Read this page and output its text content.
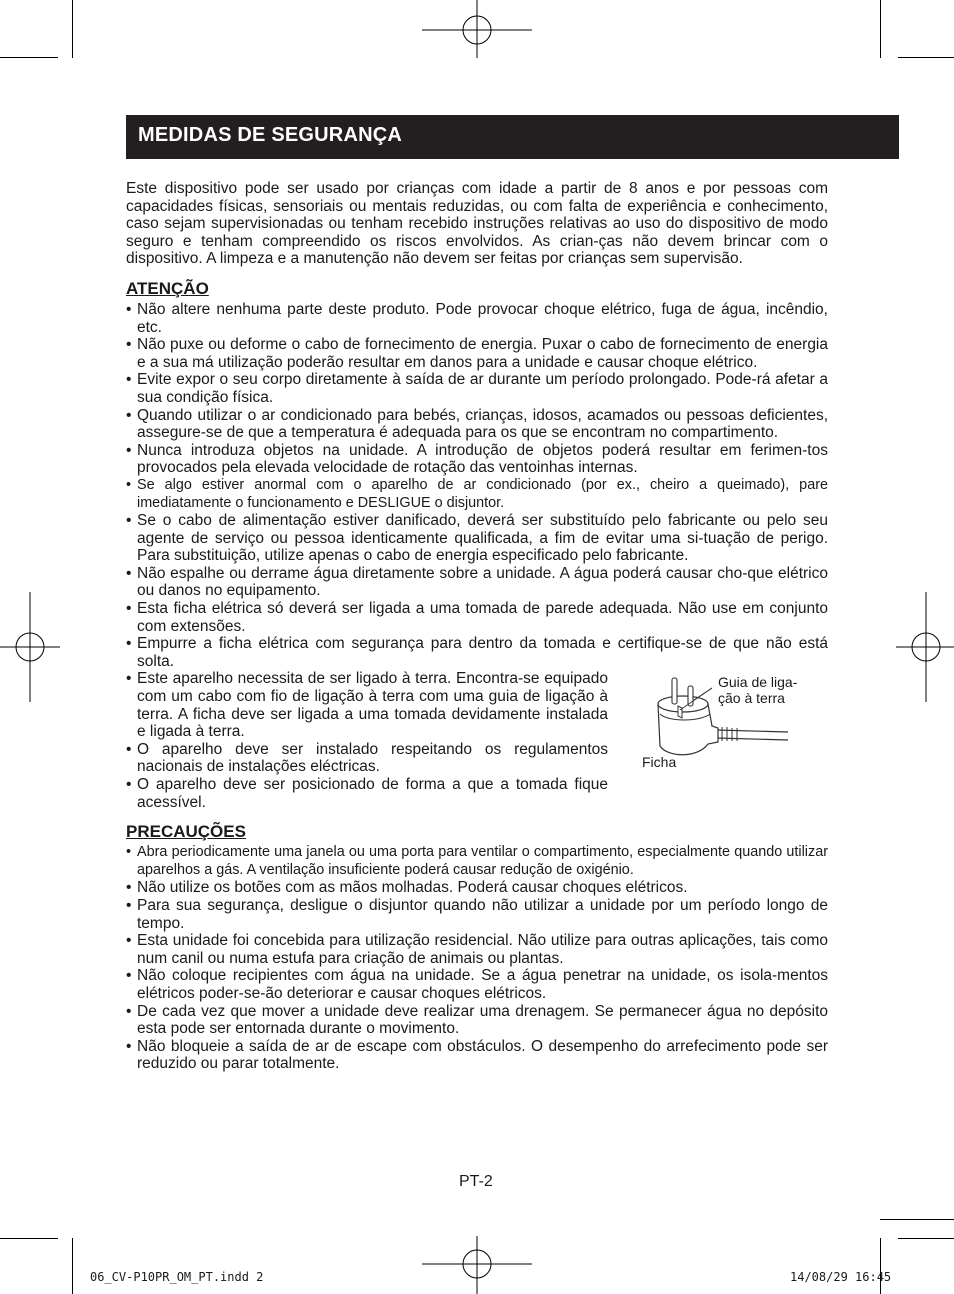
MEDIDAS DE SEGURANÇA

Este dispositivo pode ser usado por crianças com idade a partir de 8 anos e por pessoas com capacidades físicas, sensoriais ou mentais reduzidas, ou com falta de experiência e conhecimento, caso sejam supervisionadas ou tenham recebido instruções relativas ao uso do dispositivo de modo seguro e tenham compreendido os riscos envolvidos. As crian-ças não devem brincar com o dispositivo. A limpeza e a manutenção não devem ser feitas por crianças sem supervisão.

ATENÇÃO
• Não altere nenhuma parte deste produto. Pode provocar choque elétrico, fuga de água, incêndio, etc.
• Não puxe ou deforme o cabo de fornecimento de energia. Puxar o cabo de fornecimento de energia e a sua má utilização poderão resultar em danos para a unidade e causar choque elétrico.
• Evite expor o seu corpo diretamente à saída de ar durante um período prolongado. Pode-rá afetar a sua condição física.
• Quando utilizar o ar condicionado para bebés, crianças, idosos, acamados ou pessoas deficientes, assegure-se de que a temperatura é adequada para os que se encontram no compartimento.
• Nunca introduza objetos na unidade. A introdução de objetos poderá resultar em ferimen-tos provocados pela elevada velocidade de rotação das ventoinhas internas.
• Se algo estiver anormal com o aparelho de ar condicionado (por ex., cheiro a queimado), pare imediatamente o funcionamento e DESLIGUE o disjuntor.
• Se o cabo de alimentação estiver danificado, deverá ser substituído pelo fabricante ou pelo seu agente de serviço ou pessoa identicamente qualificada, a fim de evitar uma si-tuação de perigo. Para substituição, utilize apenas o cabo de energia especificado pelo fabricante.
• Não espalhe ou derrame água diretamente sobre a unidade. A água poderá causar cho-que elétrico ou danos no equipamento.
• Esta ficha elétrica só deverá ser ligada a uma tomada de parede adequada. Não use em conjunto com extensões.
• Empurre a ficha elétrica com segurança para dentro da tomada e certifique-se de que não está solta.
• Este aparelho necessita de ser ligado à terra. Encontra-se equipado com um cabo com fio de ligação à terra com uma guia de ligação à terra. A ficha deve ser ligada a uma tomada devidamente instalada e ligada à terra.
• O aparelho deve ser instalado respeitando os regulamentos nacionais de instalações eléctricas.
• O aparelho deve ser posicionado de forma a que a tomada fique acessível.
Guia de liga-
ção à terra
Ficha
PRECAUÇÕES
• Abra periodicamente uma janela ou uma porta para ventilar o compartimento, especialmente quando utilizar aparelhos a gás. A ventilação insuficiente poderá causar redução de oxigénio.
• Não utilize os botões com as mãos molhadas. Poderá causar choques elétricos.
• Para sua segurança, desligue o disjuntor quando não utilizar a unidade por um período longo de tempo.
• Esta unidade foi concebida para utilização residencial. Não utilize para outras aplicações, tais como num canil ou numa estufa para criação de animais ou plantas.
• Não coloque recipientes com água na unidade. Se a água penetrar na unidade, os isola-mentos elétricos poder-se-ão deteriorar e causar choques elétricos.
• De cada vez que mover a unidade deve realizar uma drenagem. Se permanecer água no depósito esta pode ser entornada durante o movimento.
• Não bloqueie a saída de ar de escape com obstáculos. O desempenho do arrefecimento pode ser reduzido ou parar totalmente.
PT-2
06_CV-P10PR_OM_PT.indd 2	14/08/29 16:45
